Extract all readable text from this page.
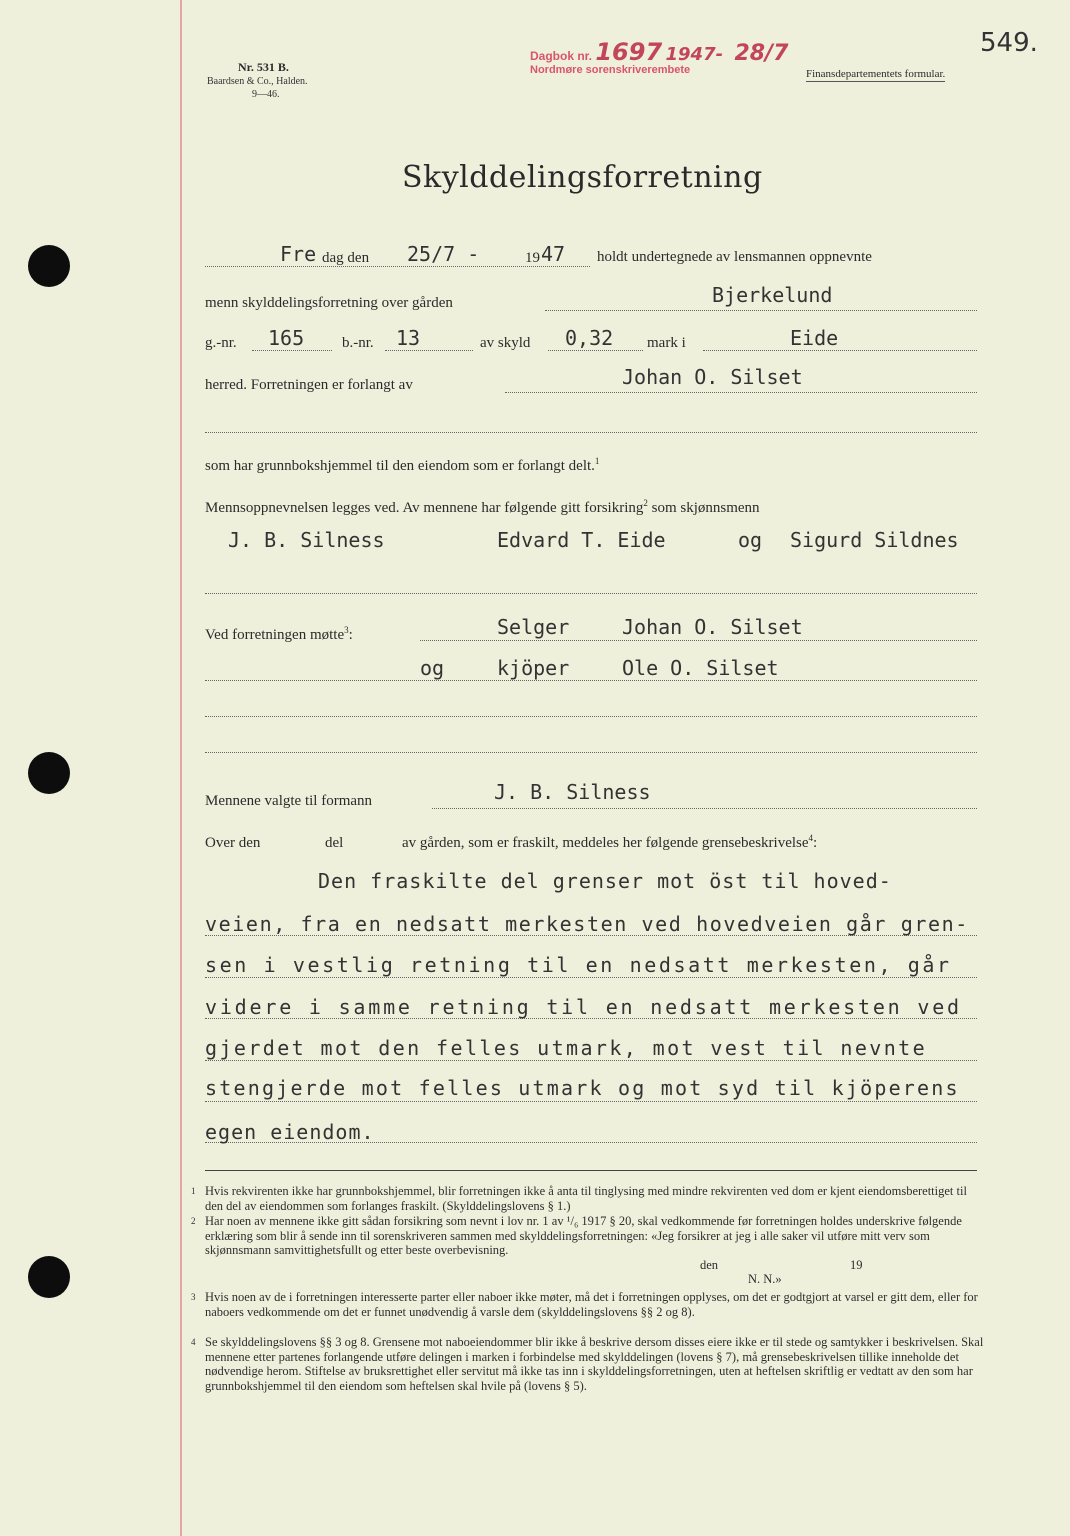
Nr. 531 B.
Baardsen & Co., Halden.
9—46.
Dagbok nr. 1697 1947- 28/7
Nordmøre sorenskriverembete	Finansdepartementets formular.
549.
Skylddelingsforretning
Fre dag den 25/7 -	19 47 holdt undertegnede av lensmannen oppnevnte
menn skylddelingsforretning over gården	Bjerkelund
g.-nr. 165	b.-nr. 13	av skyld 0,32 mark i	Eide
herred. Forretningen er forlangt av	Johan O. Silset
som har grunnbokshjemmel til den eiendom som er forlangt delt.$^1$
Mennsoppnevnelsen legges ved. Av mennene har følgende gitt forsikring$^2$ som skjønnsmenn
J. B. Silness	Edvard T. Eide	og Sigurd Sildnes
Ved forretningen møtte$^3$:	Selger	Johan O. Silset
og	kjöper	Ole O. Silset
Mennene valgte til formann	J. B. Silness
Over den	del	av gården, som er fraskilt, meddeles her følgende grensebeskrivelse$^4$:
Den fraskilte del grenser mot öst til hoved-
veien, fra en nedsatt merkesten ved hovedveien går gren-
sen i vestlig retning til en nedsatt merkesten, går
videre i samme retning til en nedsatt merkesten ved
gjerdet mot den felles utmark, mot vest til nevnte
stengjerde mot felles utmark og mot syd til kjöperens
egen eiendom.
1 Hvis rekvirenten ikke har grunnbokshjemmel, blir forretningen ikke å anta til tinglysing med mindre rekvirenten ved dom er kjent eiendomsberettiget til den del av eiendommen som forlanges fraskilt. (Skylddelingslovens § 1.)
2 Har noen av mennene ikke gitt sådan forsikring som nevnt i lov nr. 1 av ¹/₆ 1917 § 20, skal vedkommende før forretningen holdes underskrive følgende erklæring som blir å sende inn til sorenskriveren sammen med skylddelingsforretningen: «Jeg forsikrer at jeg i alle saker vil utføre mitt verv som skjønnsmann samvittighetsfullt og etter beste overbevisning.
den	19
N. N.»
3 Hvis noen av de i forretningen interesserte parter eller naboer ikke møter, må det i forretningen opplyses, om det er godtgjort at varsel er gitt dem, eller for naboers vedkommende om det er funnet unødvendig å varsle dem (skylddelingslovens §§ 2 og 8).
4 Se skylddelingslovens §§ 3 og 8. Grensene mot naboeiendommer blir ikke å beskrive dersom disses eiere ikke er til stede og samtykker i beskrivelsen. Skal mennene etter partenes forlangende utføre delingen i marken i forbindelse med skylddelingen (lovens § 7), må grensebeskrivelsen tillike inneholde det nødvendige herom. Stiftelse av bruksrettighet eller servitut må ikke tas inn i skylddelingsforretningen, uten at heftelsen skriftlig er vedtatt av den som har grunnbokshjemmel til den eiendom som heftelsen skal hvile på (lovens § 5).
